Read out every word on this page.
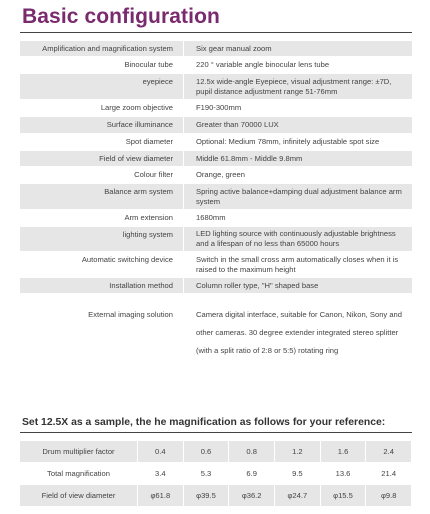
Basic configuration
Amplification and magnification system	Six gear manual zoom
Binocular tube	220 ° variable angle binocular lens tube
eyepiece	12.5x wide-angle Eyepiece, visual adjustment range: ±7D, pupil distance adjustment range 51-76mm
Large zoom objective	F190-300mm
Surface illuminance	Greater than 70000 LUX
Spot diameter	Optional: Medium 78mm, infinitely adjustable spot size
Field of view diameter	Middle 61.8mm - Middle 9.8mm
Colour filter	Orange, green
Balance arm system	Spring active balance+damping dual adjustment balance arm system
Arm extension	1680mm
lighting system	LED lighting source with continuously adjustable brightness and a lifespan of no less than 65000 hours
Automatic switching device	Switch in the small cross arm automatically closes when it is raised to the maximum height
Installation method	Column roller type, "H" shaped base
External imaging solution	Camera digital interface, suitable for Canon, Nikon, Sony and other cameras. 30 degree extender integrated stereo splitter (with a split ratio of 2:8 or 5:5) rotating ring
Set 12.5X as a sample, the he magnification as follows for your reference:
Drum multiplier factor	0.4	0.6	0.8	1.2	1.6	2.4
Total magnification	3.4	5.3	6.9	9.5	13.6	21.4
Field of view diameter	φ61.8	φ39.5	φ36.2	φ24.7	φ15.5	φ9.8
